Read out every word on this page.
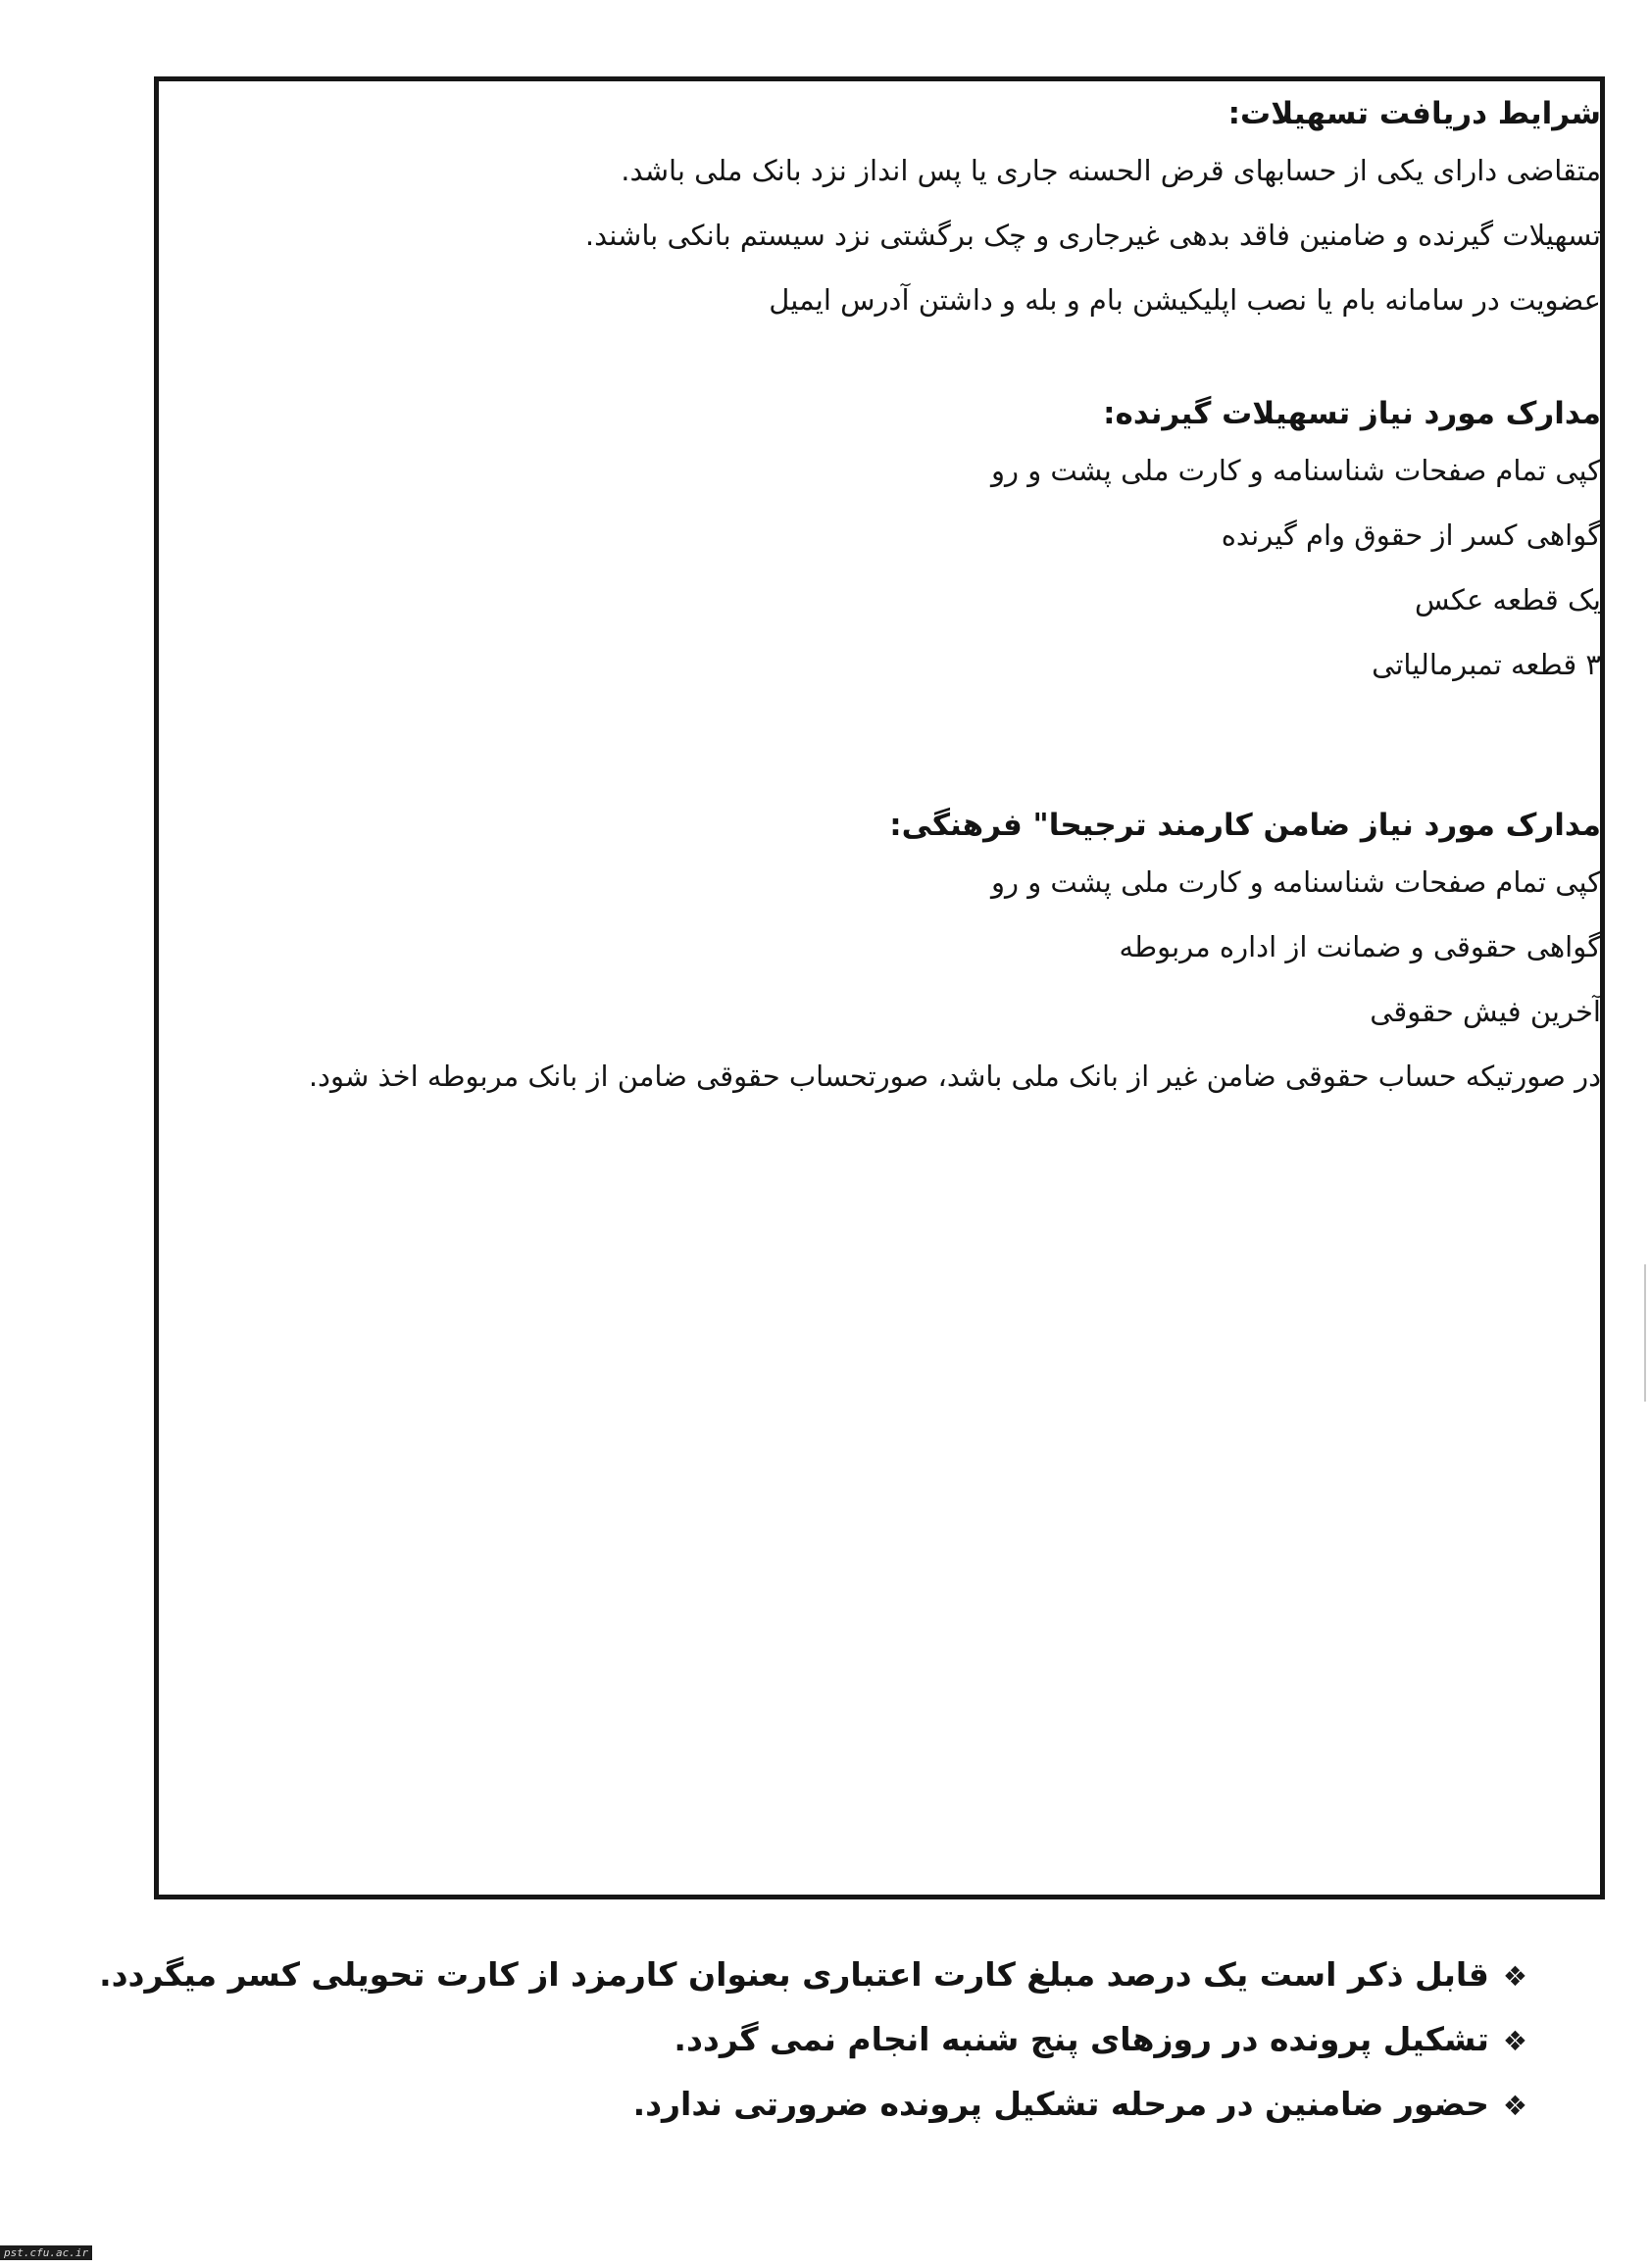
شرایط دریافت تسهیلات:
متقاضی دارای یکی از حسابهای قرض الحسنه جاری یا پس انداز نزد بانک ملی باشد.
تسهیلات گیرنده و ضامنین فاقد بدهی غیرجاری و چک برگشتی نزد سیستم بانکی باشند.
عضویت در سامانه بام یا نصب اپلیکیشن بام و بله و داشتن آدرس ایمیل
مدارک مورد نیاز تسهیلات گیرنده:
کپی تمام صفحات شناسنامه و کارت ملی پشت و رو
گواهی کسر از حقوق وام گیرنده
یک قطعه عکس
۳ قطعه تمبرمالیاتی
مدارک مورد نیاز ضامن کارمند ترجیحا" فرهنگی:
کپی تمام صفحات شناسنامه و کارت ملی پشت و رو
گواهی حقوقی و ضمانت از اداره مربوطه
آخرین فیش حقوقی
در صورتیکه حساب حقوقی ضامن غیر از بانک ملی باشد، صورتحساب حقوقی ضامن از بانک مربوطه اخذ شود.
❖قابل ذکر است یک درصد مبلغ کارت اعتباری بعنوان کارمزد از کارت تحویلی کسر میگردد.
❖تشکیل پرونده در روزهای پنج شنبه انجام نمی گردد.
❖حضور ضامنین در مرحله تشکیل پرونده ضرورتی ندارد.
pst.cfu.ac.ir
